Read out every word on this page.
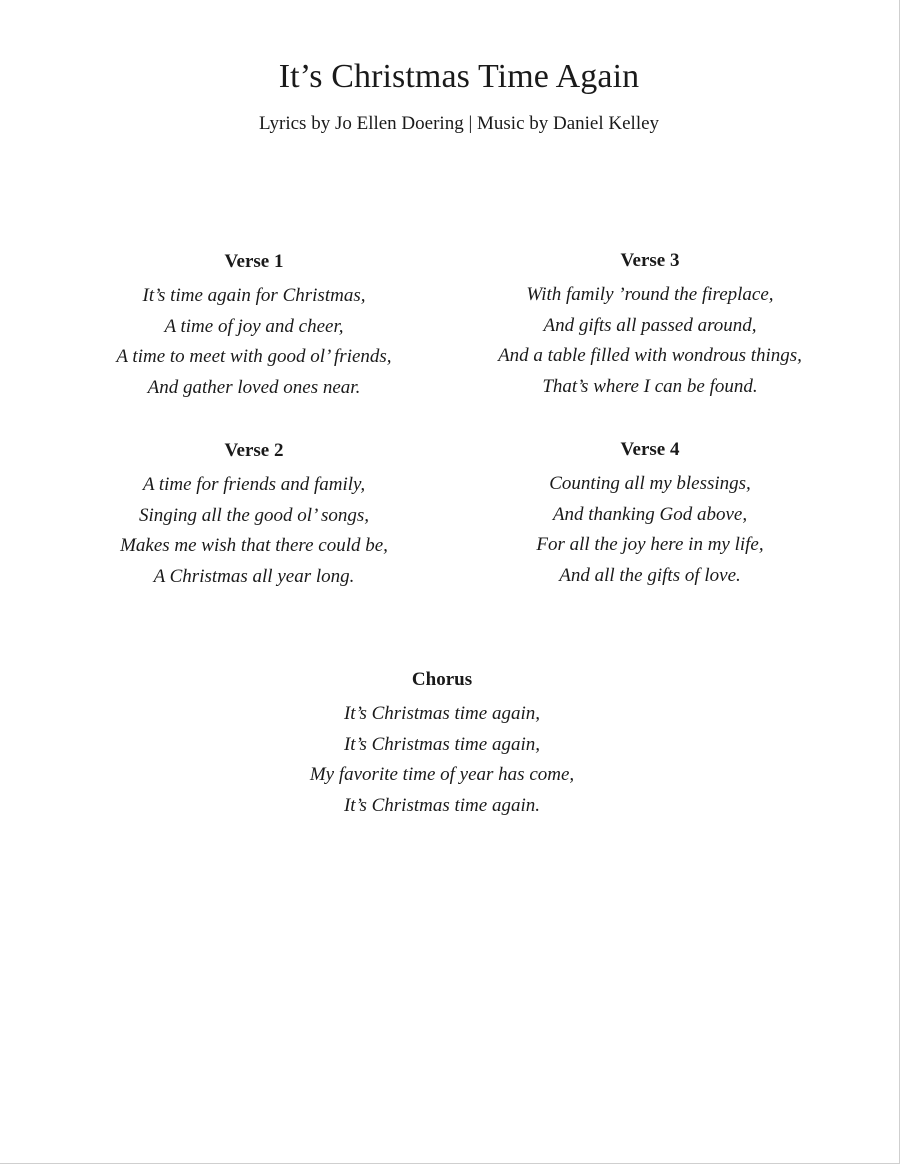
It’s Christmas Time Again
Lyrics by Jo Ellen Doering | Music by Daniel Kelley
Verse 1
It’s time again for Christmas,
A time of joy and cheer,
A time to meet with good ol’ friends,
And gather loved ones near.
Verse 3
With family ’round the fireplace,
And gifts all passed around,
And a table filled with wondrous things,
That’s where I can be found.
Verse 2
A time for friends and family,
Singing all the good ol’ songs,
Makes me wish that there could be,
A Christmas all year long.
Verse 4
Counting all my blessings,
And thanking God above,
For all the joy here in my life,
And all the gifts of love.
Chorus
It’s Christmas time again,
It’s Christmas time again,
My favorite time of year has come,
It’s Christmas time again.
